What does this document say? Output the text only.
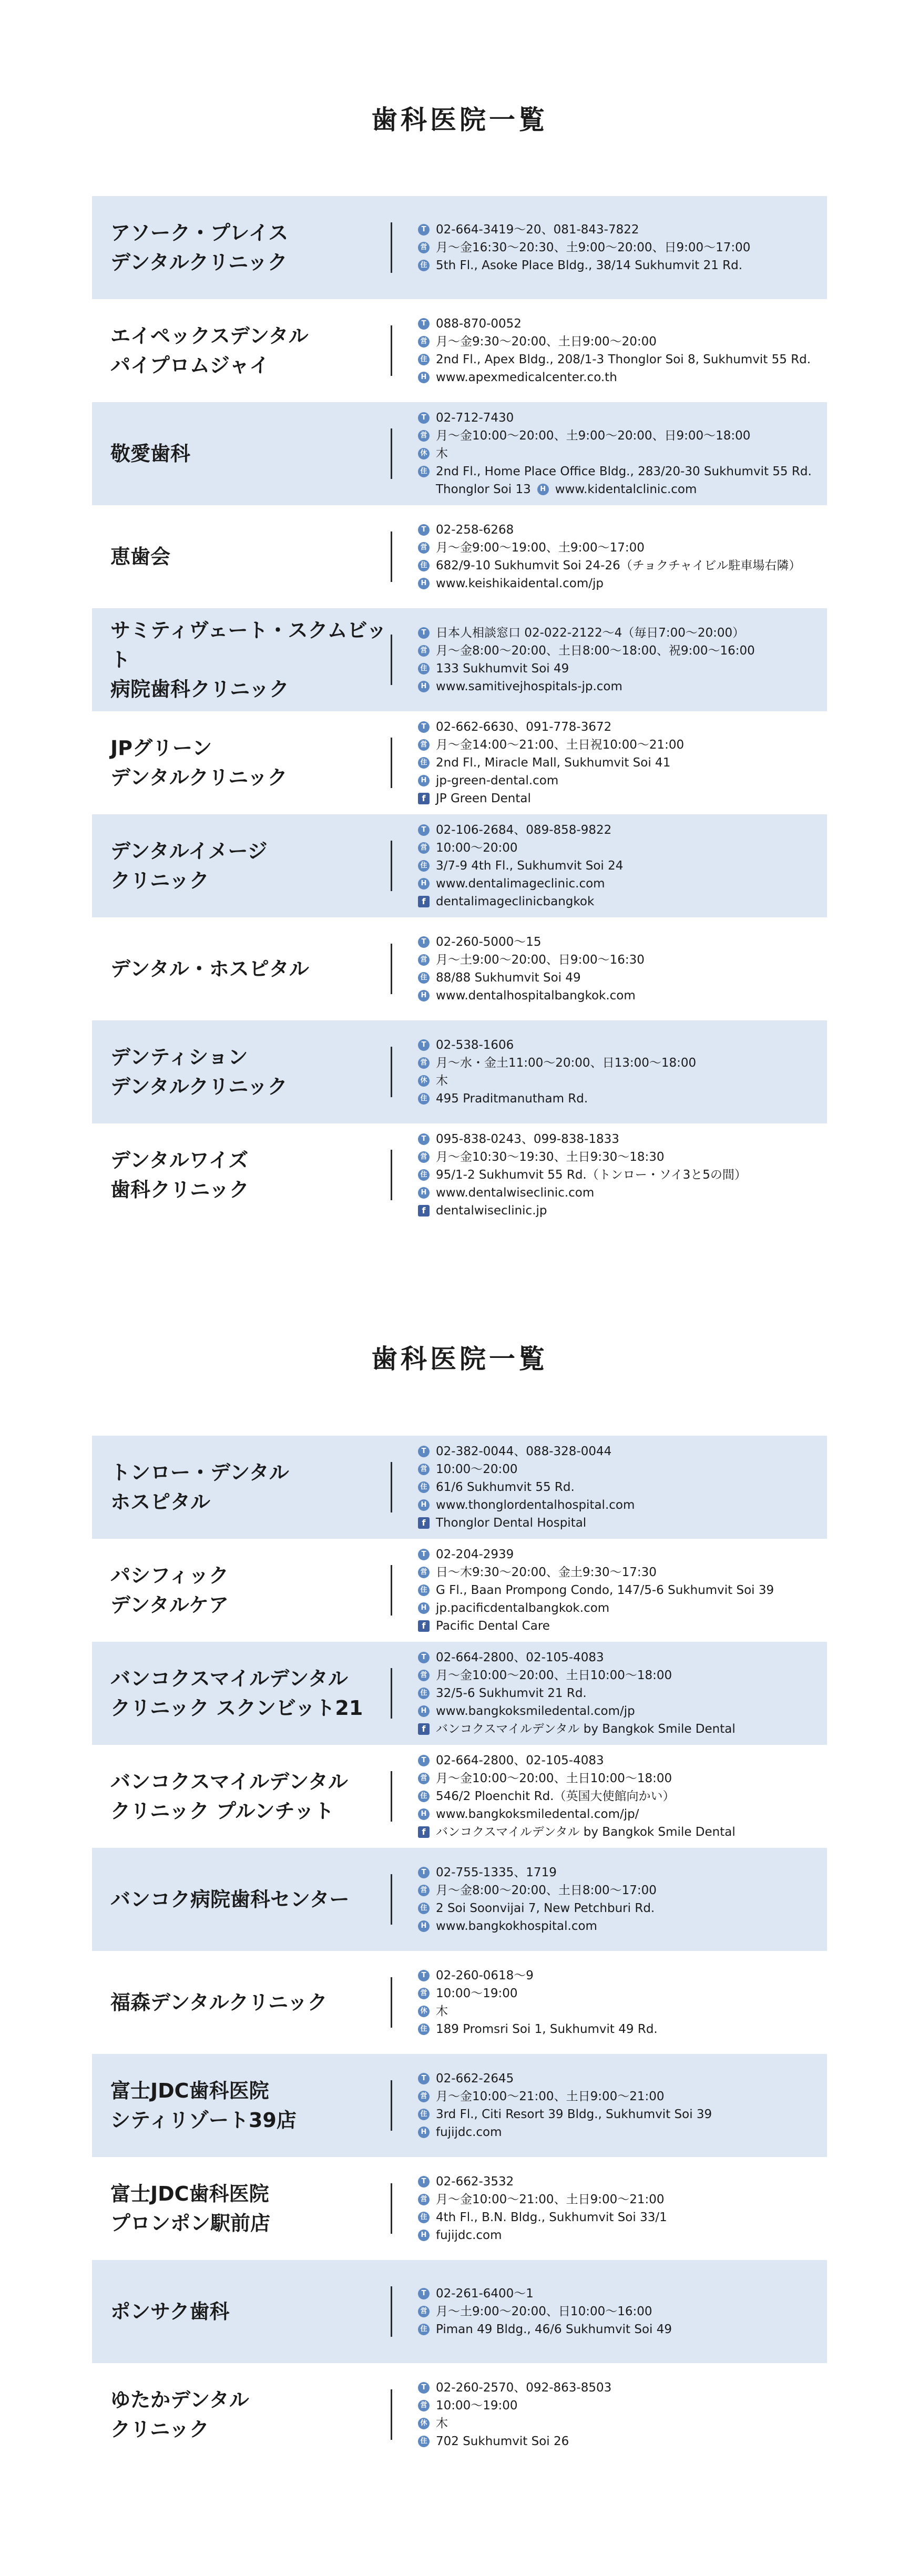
歯科医院一覧
アソーク・プレイス
デンタルクリニック
T 02-664-3419〜20、081-843-7822
営 月〜金16:30〜20:30、土9:00〜20:00、日9:00〜17:00
住 5th Fl., Asoke Place Bldg., 38/14 Sukhumvit 21 Rd.
エイペックスデンタル
パイプロムジャイ
T 088-870-0052
営 月〜金9:30〜20:00、土日9:00〜20:00
住 2nd Fl., Apex Bldg., 208/1-3 Thonglor Soi 8, Sukhumvit 55 Rd.
H www.apexmedicalcenter.co.th
敬愛歯科
T 02-712-7430
営 月〜金10:00〜20:00、土9:00〜20:00、日9:00〜18:00
休 木
住 2nd Fl., Home Place Office Bldg., 283/20-30 Sukhumvit 55 Rd.
Thonglor Soi 13	H www.kidentalclinic.com
恵歯会
T 02-258-6268
営 月〜金9:00〜19:00、土9:00〜17:00
住 682/9-10 Sukhumvit Soi 24-26（チョクチャイビル駐車場右隣）
H www.keishikaidental.com/jp
サミティヴェート・スクムビット
病院歯科クリニック
T 日本人相談窓口 02-022-2122〜4（毎日7:00〜20:00）
営 月〜金8:00〜20:00、土日8:00〜18:00、祝9:00〜16:00
住 133 Sukhumvit Soi 49
H www.samitivejhospitals-jp.com
JPグリーン
デンタルクリニック
T 02-662-6630、091-778-3672
営 月〜金14:00〜21:00、土日祝10:00〜21:00
住 2nd Fl., Miracle Mall, Sukhumvit Soi 41
H jp-green-dental.com
f JP Green Dental
デンタルイメージ
クリニック
T 02-106-2684、089-858-9822
営 10:00〜20:00
住 3/7-9 4th Fl., Sukhumvit Soi 24
H www.dentalimageclinic.com
f dentalimageclinicbangkok
デンタル・ホスピタル
T 02-260-5000〜15
営 月〜土9:00〜20:00、日9:00〜16:30
住 88/88 Sukhumvit Soi 49
H www.dentalhospitalbangkok.com
デンティション
デンタルクリニック
T 02-538-1606
営 月〜水・金土11:00〜20:00、日13:00〜18:00
休 木
住 495 Praditmanutham Rd.
デンタルワイズ
歯科クリニック
T 095-838-0243、099-838-1833
営 月〜金10:30〜19:30、土日9:30〜18:30
住 95/1-2 Sukhumvit 55 Rd.（トンロー・ソイ3と5の間）
H www.dentalwiseclinic.com
f dentalwiseclinic.jp
歯科医院一覧
トンロー・デンタル
ホスピタル
T 02-382-0044、088-328-0044
営 10:00〜20:00
住 61/6 Sukhumvit 55 Rd.
H www.thonglordentalhospital.com
f Thonglor Dental Hospital
パシフィック
デンタルケア
T 02-204-2939
営 日〜木9:30〜20:00、金土9:30〜17:30
住 G Fl., Baan Prompong Condo, 147/5-6 Sukhumvit Soi 39
H jp.pacificdentalbangkok.com
f Pacific Dental Care
バンコクスマイルデンタル
クリニック スクンビット21
T 02-664-2800、02-105-4083
営 月〜金10:00〜20:00、土日10:00〜18:00
住 32/5-6 Sukhumvit 21 Rd.
H www.bangkoksmiledental.com/jp
f バンコクスマイルデンタル by Bangkok Smile Dental
バンコクスマイルデンタル
クリニック プルンチット
T 02-664-2800、02-105-4083
営 月〜金10:00〜20:00、土日10:00〜18:00
住 546/2 Ploenchit Rd.（英国大使館向かい）
H www.bangkoksmiledental.com/jp/
f バンコクスマイルデンタル by Bangkok Smile Dental
バンコク病院歯科センター
T 02-755-1335、1719
営 月〜金8:00〜20:00、土日8:00〜17:00
住 2 Soi Soonvijai 7, New Petchburi Rd.
H www.bangkokhospital.com
福森デンタルクリニック
T 02-260-0618〜9
営 10:00〜19:00
休 木
住 189 Promsri Soi 1, Sukhumvit 49 Rd.
富士JDC歯科医院
シティリゾート39店
T 02-662-2645
営 月〜金10:00〜21:00、土日9:00〜21:00
住 3rd Fl., Citi Resort 39 Bldg., Sukhumvit Soi 39
H fujijdc.com
富士JDC歯科医院
プロンポン駅前店
T 02-662-3532
営 月〜金10:00〜21:00、土日9:00〜21:00
住 4th Fl., B.N. Bldg., Sukhumvit Soi 33/1
H fujijdc.com
ポンサク歯科
T 02-261-6400〜1
営 月〜土9:00〜20:00、日10:00〜16:00
住 Piman 49 Bldg., 46/6 Sukhumvit Soi 49
ゆたかデンタル
クリニック
T 02-260-2570、092-863-8503
営 10:00〜19:00
休 木
住 702 Sukhumvit Soi 26
